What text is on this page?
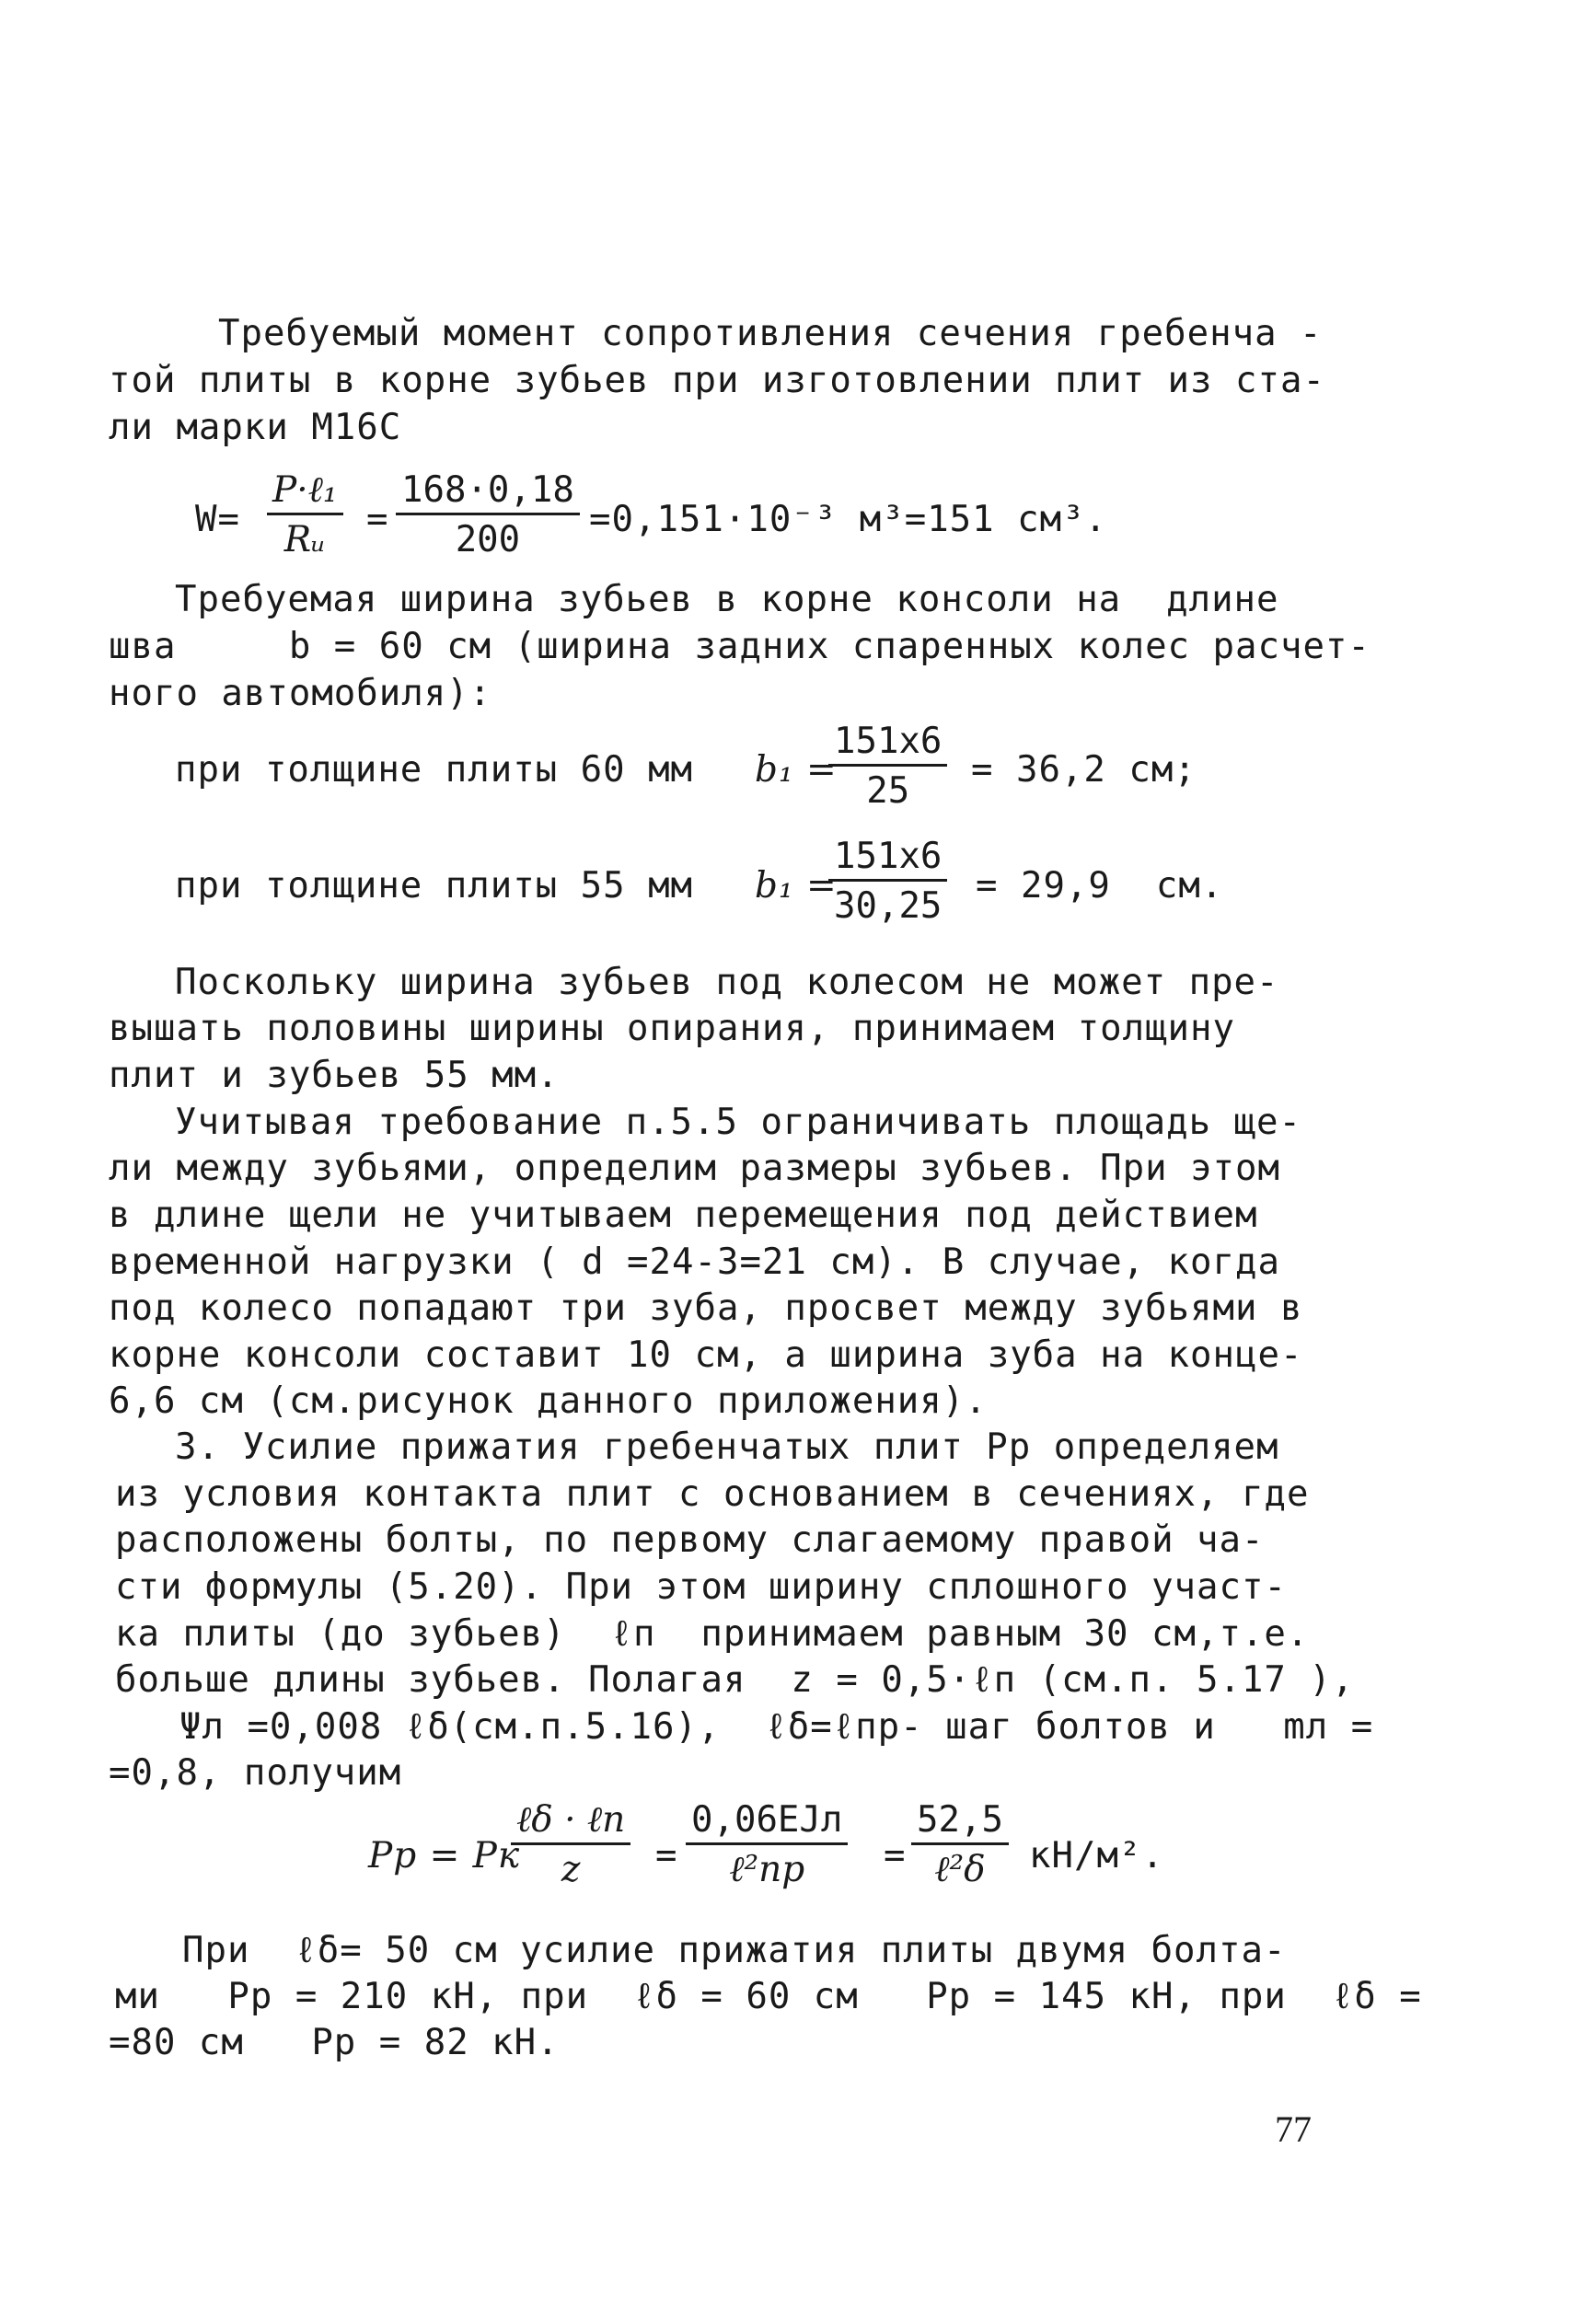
Требуемый момент сопротивления сечения гребенча -
той плиты в корне зубьев при изготовлении плит из ста-
ли марки М16С
W=
P·ℓ₁
Rᵤ = $\frac{168\cdot 0,18}{200} =0,151\cdot 10^{-3}$ м³=151 см³.
Требуемая ширина зубьев в корне консоли на  длине
шва     b = 60 см (ширина задних спаренных колес расчет-
ного автомобиля):
при толщине плиты 60 мм b₁ =
$\frac{151x6}{25} = 36,2$ см;
при толщине плиты 55 мм b₁ =
$\frac{151x6}{30,25} = 29,9$  см.
Поскольку ширина зубьев под колесом не может пре-
вышать половины ширины опирания, принимаем толщину
плит и зубьев 55 мм.
Учитывая требование п.5.5 ограничивать площадь ще-
ли между зубьями, определим размеры зубьев. При этом
в длине щели не учитываем перемещения под действием
временной нагрузки ( d =24-3=21 см). В случае, когда
под колесо попадают три зуба, просвет между зубьями в
корне консоли составит 10 см, а ширина зуба на конце-
6,6 см (см.рисунок данного приложения).
3. Усилие прижатия гребенчатых плит Pp определяем
из условия контакта плит с основанием в сечениях, где
расположены болты, по первому слагаемому правой ча-
сти формулы (5.20). При этом ширину сплошного участ-
ка плиты (до зубьев)  ℓп  принимаем равным 30 см,т.е.
больше длины зубьев. Полагая  z = 0,5·ℓп (см.п. 5.17 ),
Ψл =0,008 ℓδ(см.п.5.16),  ℓδ=ℓпр- шаг болтов и   mл =
=0,8, получим
Pp = Pк
ℓδ · ℓп
z =
0,06EJл
ℓ²пр =
52,5
ℓ²δ кН/м².
При  ℓδ= 50 см усилие прижатия плиты двумя болта-
ми   Pp = 210 кН, при  ℓδ = 60 см   Pp = 145 кН, при  ℓδ =
=80 см   Pp = 82 кН.
77
